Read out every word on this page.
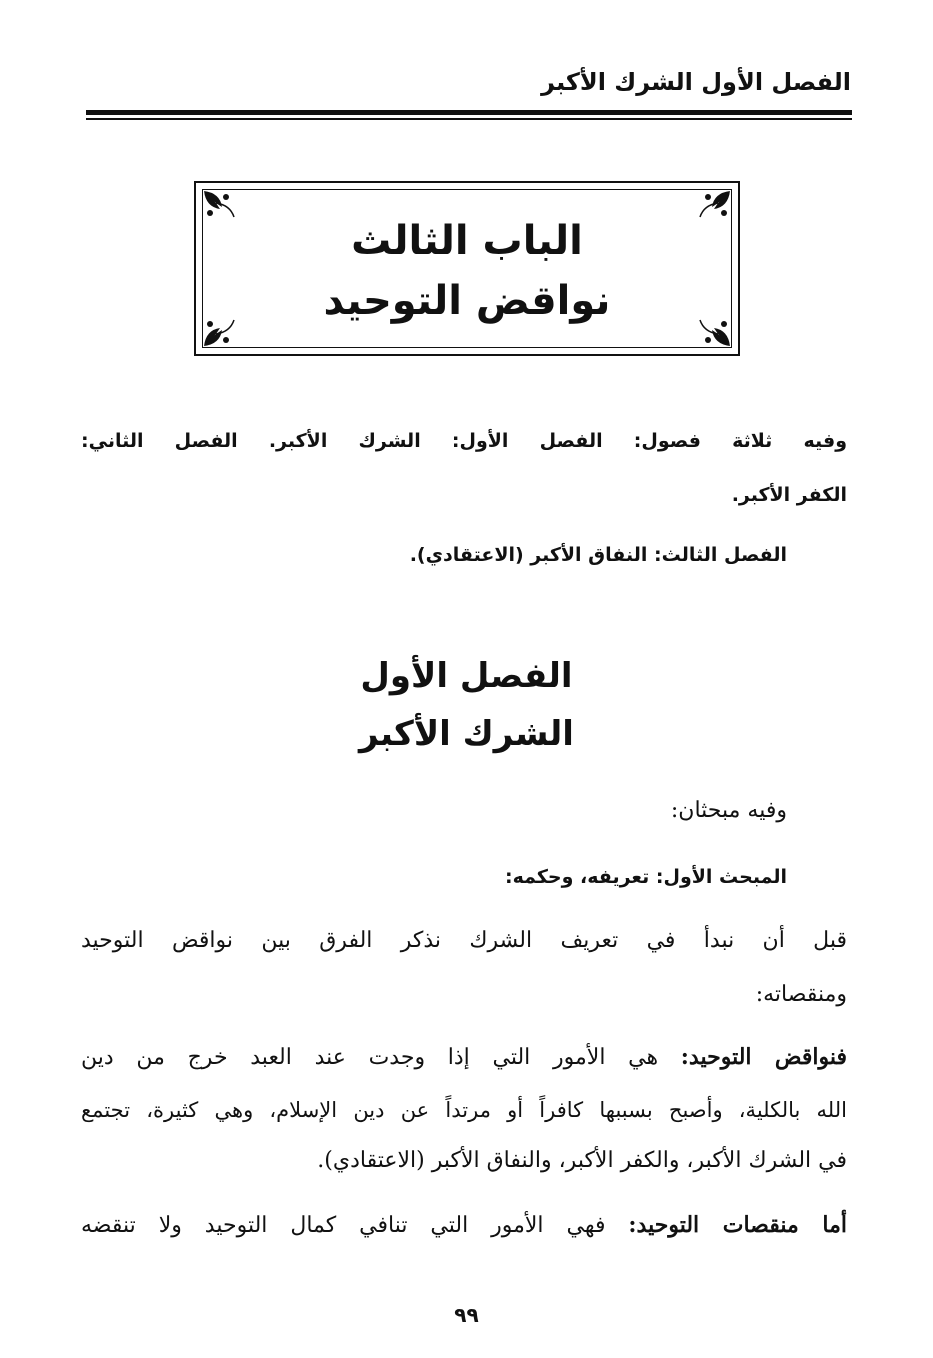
الفصل الأول الشرك الأكبر
الباب الثالث
نواقض التوحيد
وفيه ثلاثة فصول: الفصل الأول: الشرك الأكبر. الفصل الثاني:
الكفر الأكبر.
الفصل الثالث: النفاق الأكبر (الاعتقادي).
الفصل الأول
الشرك الأكبر
وفيه مبحثان:
المبحث الأول: تعريفه، وحكمه:
قبل أن نبدأ في تعريف الشرك نذكر الفرق بين نواقض التوحيد
ومنقصاته:
فنواقض التوحيد: هي الأمور التي إذا وجدت عند العبد خرج من دين
الله بالكلية، وأصبح بسببها كافراً أو مرتداً عن دين الإسلام، وهي كثيرة، تجتمع
في الشرك الأكبر، والكفر الأكبر، والنفاق الأكبر (الاعتقادي).
أما منقصات التوحيد: فهي الأمور التي تنافي كمال التوحيد ولا تنقضه
٩٩
